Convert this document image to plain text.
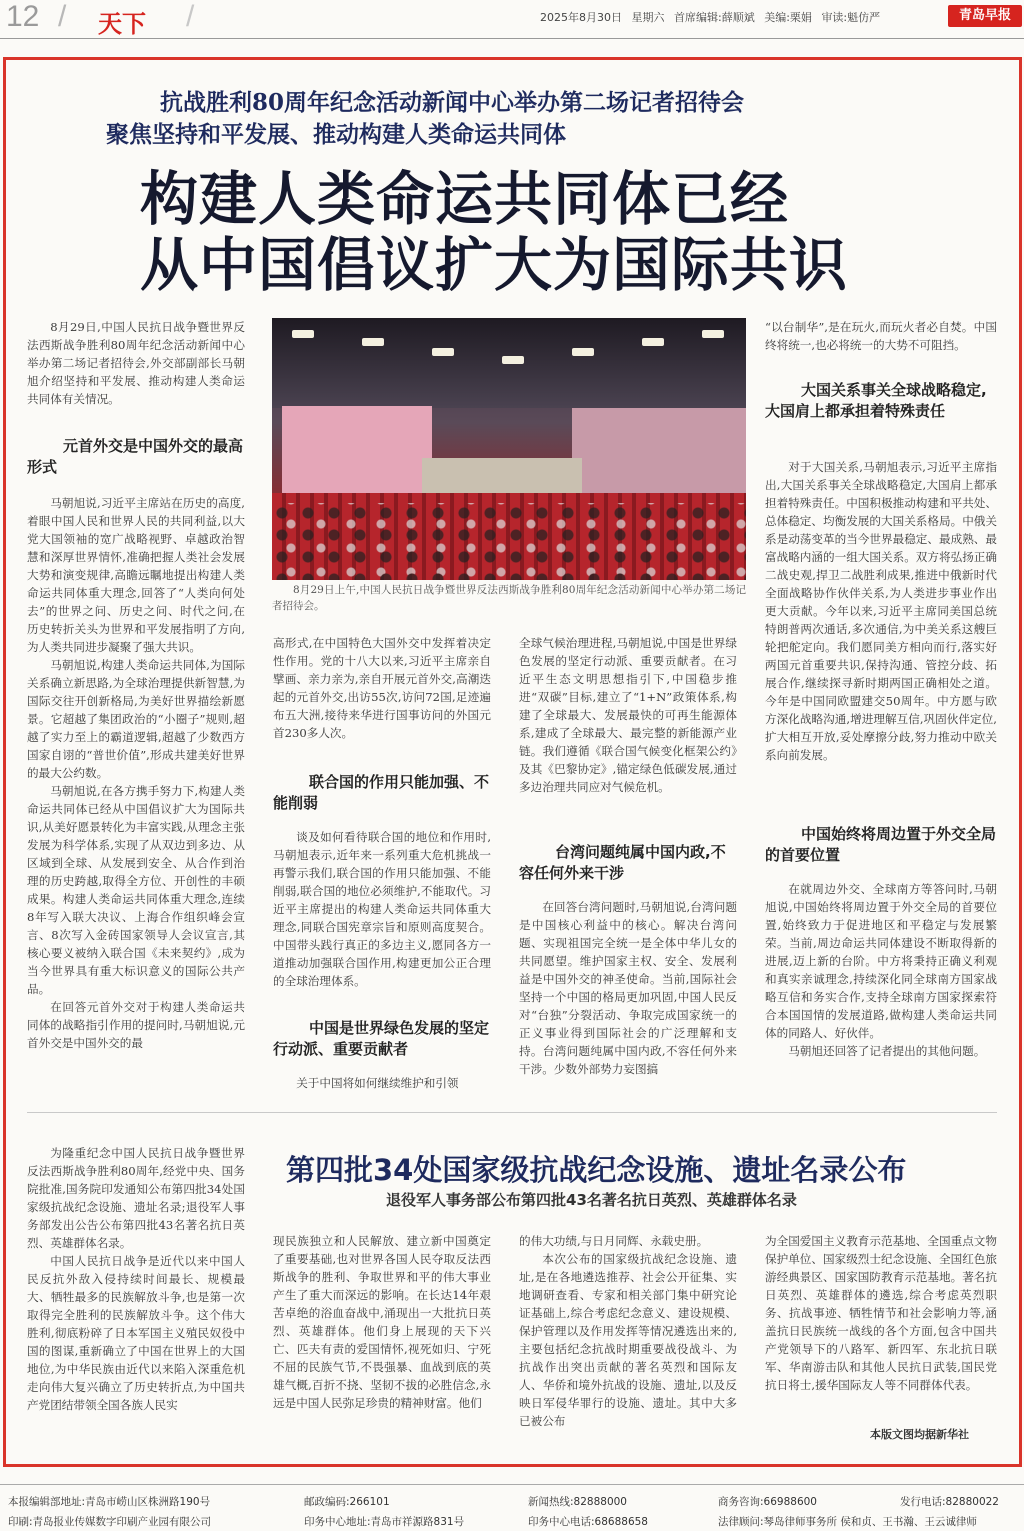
12 / 天下 /	2025年8月30日 星期六 首席编辑:薛顺斌 美编:栗娟 审读:魁仿严	青岛早报
抗战胜利80周年纪念活动新闻中心举办第二场记者招待会
聚焦坚持和平发展、推动构建人类命运共同体
构建人类命运共同体已经
从中国倡议扩大为国际共识

8月29日,中国人民抗日战争暨世界反法西斯战争胜利80周年纪念活动新闻中心举办第二场记者招待会,外交部副部长马朝旭介绍坚持和平发展、推动构建人类命运共同体有关情况。

元首外交是中国外交的最高形式

马朝旭说,习近平主席站在历史的高度,着眼中国人民和世界人民的共同利益,以大党大国领袖的宽广战略视野、卓越政治智慧和深厚世界情怀,准确把握人类社会发展大势和演变规律,高瞻远瞩地提出构建人类命运共同体重大理念,回答了“人类向何处去”的世界之问、历史之问、时代之问,在历史转折关头为世界和平发展指明了方向,为人类共同进步凝聚了强大共识。

马朝旭说,构建人类命运共同体,为国际关系确立新思路,为全球治理提供新智慧,为国际交往开创新格局,为美好世界描绘新愿景。它超越了集团政治的“小圈子”规则,超越了实力至上的霸道逻辑,超越了少数西方国家自诩的“普世价值”,形成共建美好世界的最大公约数。

马朝旭说,在各方携手努力下,构建人类命运共同体已经从中国倡议扩大为国际共识,从美好愿景转化为丰富实践,从理念主张发展为科学体系,实现了从双边到多边、从区域到全球、从发展到安全、从合作到治理的历史跨越,取得全方位、开创性的丰硕成果。构建人类命运共同体重大理念,连续8年写入联大决议、上海合作组织峰会宣言、8次写入金砖国家领导人会议宣言,其核心要义被纳入联合国《未来契约》,成为当今世界具有重大标识意义的国际公共产品。

在回答元首外交对于构建人类命运共同体的战略指引作用的提问时,马朝旭说,元首外交是中国外交的最

8月29日上午,中国人民抗日战争暨世界反法西斯战争胜利80周年纪念活动新闻中心举办第二场记者招待会。

高形式,在中国特色大国外交中发挥着决定性作用。党的十八大以来,习近平主席亲自擘画、亲力亲为,亲自开展元首外交,高潮迭起的元首外交,出访55次,访问72国,足迹遍布五大洲,接待来华进行国事访问的外国元首230多人次。

联合国的作用只能加强、不能削弱

谈及如何看待联合国的地位和作用时,马朝旭表示,近年来一系列重大危机挑战一再警示我们,联合国的作用只能加强、不能削弱,联合国的地位必须维护,不能取代。习近平主席提出的构建人类命运共同体重大理念,同联合国宪章宗旨和原则高度契合。中国带头践行真正的多边主义,愿同各方一道推动加强联合国作用,构建更加公正合理的全球治理体系。

中国是世界绿色发展的坚定行动派、重要贡献者

关于中国将如何继续维护和引领

全球气候治理进程,马朝旭说,中国是世界绿色发展的坚定行动派、重要贡献者。在习近平生态文明思想指引下,中国稳步推进“双碳”目标,建立了“1+N”政策体系,构建了全球最大、发展最快的可再生能源体系,建成了全球最大、最完整的新能源产业链。我们遵循《联合国气候变化框架公约》及其《巴黎协定》,锚定绿色低碳发展,通过多边治理共同应对气候危机。

台湾问题纯属中国内政,不容任何外来干涉

在回答台湾问题时,马朝旭说,台湾问题是中国核心利益中的核心。解决台湾问题、实现祖国完全统一是全体中华儿女的共同愿望。维护国家主权、安全、发展利益是中国外交的神圣使命。当前,国际社会坚持一个中国的格局更加巩固,中国人民反对“台独”分裂活动、争取完成国家统一的正义事业得到国际社会的广泛理解和支持。台湾问题纯属中国内政,不容任何外来干涉。少数外部势力妄图搞

“以台制华”,是在玩火,而玩火者必自焚。中国终将统一,也必将统一的大势不可阻挡。

大国关系事关全球战略稳定,大国肩上都承担着特殊责任

对于大国关系,马朝旭表示,习近平主席指出,大国关系事关全球战略稳定,大国肩上都承担着特殊责任。中国积极推动构建和平共处、总体稳定、均衡发展的大国关系格局。中俄关系是动荡变革的当今世界最稳定、最成熟、最富战略内涵的一组大国关系。双方将弘扬正确二战史观,捍卫二战胜利成果,推进中俄新时代全面战略协作伙伴关系,为人类进步事业作出更大贡献。今年以来,习近平主席同美国总统特朗普两次通话,多次通信,为中美关系这艘巨轮把舵定向。我们愿同美方相向而行,落实好两国元首重要共识,保持沟通、管控分歧、拓展合作,继续探寻新时期两国正确相处之道。今年是中国同欧盟建交50周年。中方愿与欧方深化战略沟通,增进理解互信,巩固伙伴定位,扩大相互开放,妥处摩擦分歧,努力推动中欧关系向前发展。

中国始终将周边置于外交全局的首要位置

在就周边外交、全球南方等答问时,马朝旭说,中国始终将周边置于外交全局的首要位置,始终致力于促进地区和平稳定与发展繁荣。当前,周边命运共同体建设不断取得新的进展,迈上新的台阶。中方将秉持正确义利观和真实亲诚理念,持续深化同全球南方国家战略互信和务实合作,支持全球南方国家探索符合本国国情的发展道路,做构建人类命运共同体的同路人、好伙伴。

马朝旭还回答了记者提出的其他问题。

第四批34处国家级抗战纪念设施、遗址名录公布
退役军人事务部公布第四批43名著名抗日英烈、英雄群体名录

为隆重纪念中国人民抗日战争暨世界反法西斯战争胜利80周年,经党中央、国务院批准,国务院印发通知公布第四批34处国家级抗战纪念设施、遗址名录;退役军人事务部发出公告公布第四批43名著名抗日英烈、英雄群体名录。

中国人民抗日战争是近代以来中国人民反抗外敌入侵持续时间最长、规模最大、牺牲最多的民族解放斗争,也是第一次取得完全胜利的民族解放斗争。这个伟大胜利,彻底粉碎了日本军国主义殖民奴役中国的图谋,重新确立了中国在世界上的大国地位,为中华民族由近代以来陷入深重危机走向伟大复兴确立了历史转折点,为中国共产党团结带领全国各族人民实

现民族独立和人民解放、建立新中国奠定了重要基础,也对世界各国人民夺取反法西斯战争的胜利、争取世界和平的伟大事业产生了重大而深远的影响。在长达14年艰苦卓绝的浴血奋战中,涌现出一大批抗日英烈、英雄群体。他们身上展现的天下兴亡、匹夫有责的爱国情怀,视死如归、宁死不屈的民族气节,不畏强暴、血战到底的英雄气概,百折不挠、坚韧不拔的必胜信念,永远是中国人民弥足珍贵的精神财富。他们

的伟大功绩,与日月同辉、永载史册。

本次公布的国家级抗战纪念设施、遗址,是在各地遴选推荐、社会公开征集、实地调研查看、专家和相关部门集中研究论证基础上,综合考虑纪念意义、建设规模、保护管理以及作用发挥等情况遴选出来的,主要包括纪念抗战时期重要战役战斗、为抗战作出突出贡献的著名英烈和国际友人、华侨和境外抗战的设施、遗址,以及反映日军侵华罪行的设施、遗址。其中大多已被公布

为全国爱国主义教育示范基地、全国重点文物保护单位、国家级烈士纪念设施、全国红色旅游经典景区、国家国防教育示范基地。著名抗日英烈、英雄群体的遴选,综合考虑英烈职务、抗战事迹、牺牲情节和社会影响力等,涵盖抗日民族统一战线的各个方面,包含中国共产党领导下的八路军、新四军、东北抗日联军、华南游击队和其他人民抗日武装,国民党抗日将士,援华国际友人等不同群体代表。

本版文图均据新华社
本报编辑部地址:青岛市崂山区株洲路190号
印刷:青岛报业传媒数字印刷产业园有限公司
邮政编码:266101
印务中心地址:青岛市祥源路831号
新闻热线:82888000
印务中心电话:68688658
商务咨询:66988600
法律顾问:琴岛律师事务所 侯和贞、王书瀚、王云诚律师
发行电话:82880022
